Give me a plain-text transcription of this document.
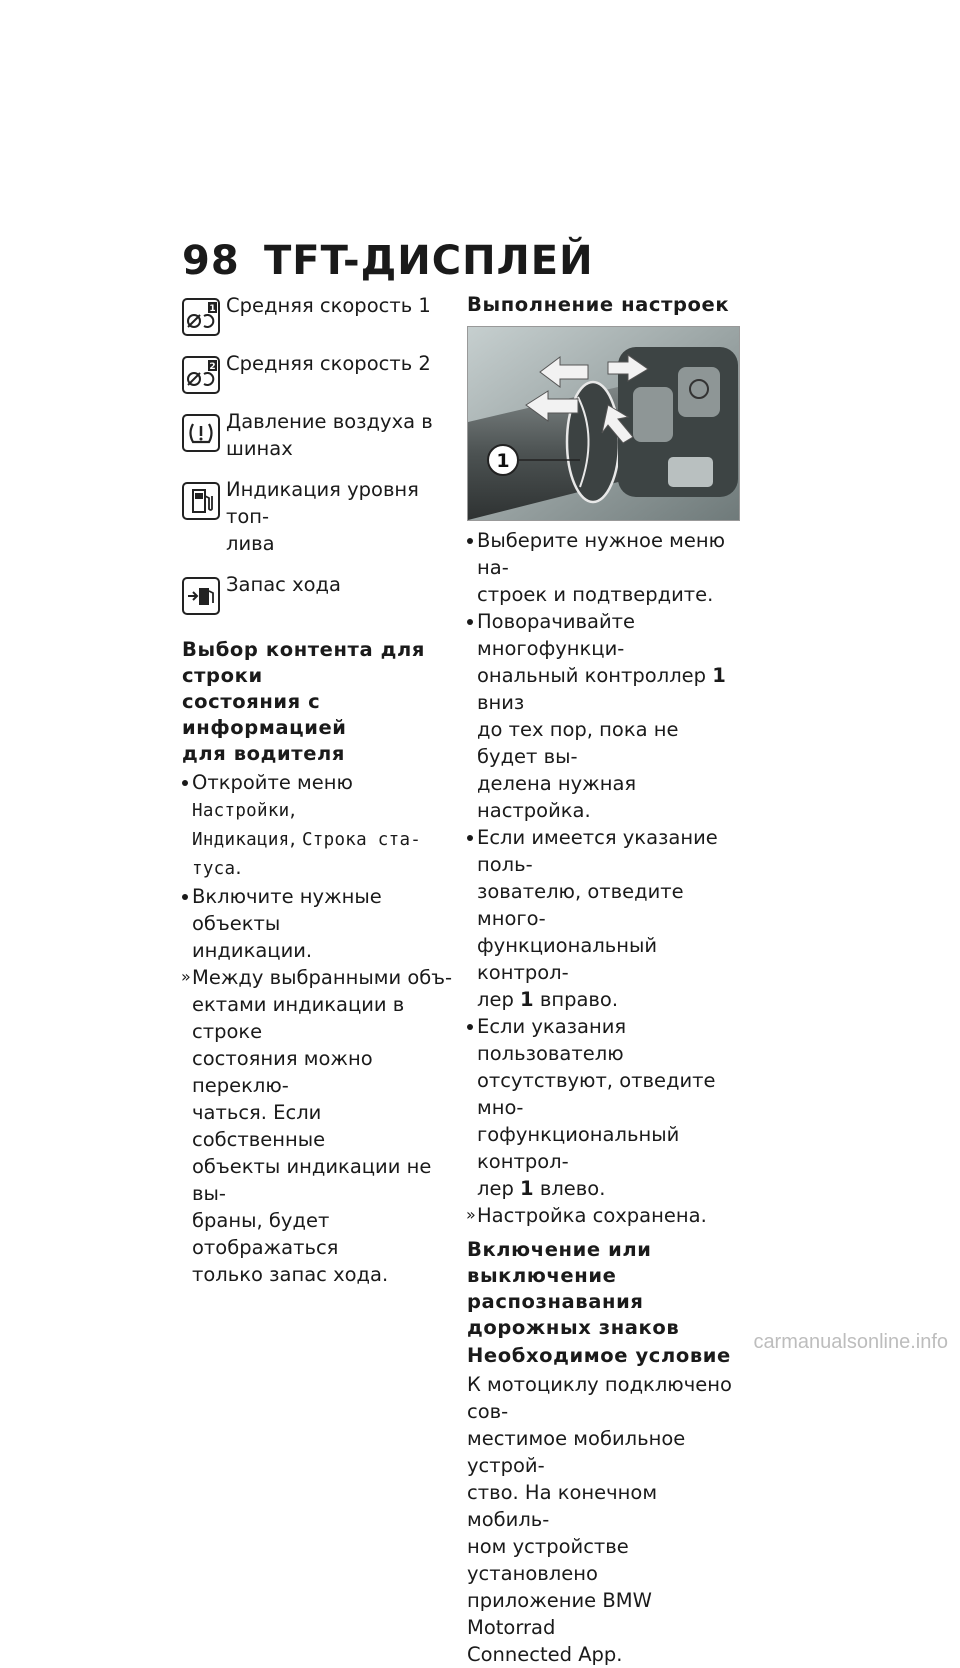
98 TFT-ДИСПЛЕЙ
1 Средняя скорость 1
2 Средняя скорость 2
Давление воздуха в шинах
Индикация уровня топ-
лива
Запас хода
Выбор контента для строки
состояния с информацией
для водителя
Откройте меню Настройки,
Индикация, Строка ста-
туса.
Включите нужные объекты
индикации.
» Между выбранными объ-
ектами индикации в строке
состояния можно переклю-
чаться. Если собственные
объекты индикации не вы-
браны, будет отображаться
только запас хода.
Выполнение настроек
1
Выберите нужное меню на-
строек и подтвердите.
Поворачивайте многофункци-
ональный контроллер 1 вниз
до тех пор, пока не будет вы-
делена нужная настройка.
Если имеется указание поль-
зователю, отведите много-
функциональный контрол-
лер 1 вправо.
Если указания пользователю
отсутствуют, отведите мно-
гофункциональный контрол-
лер 1 влево.
» Настройка сохранена.
Включение или
выключение распознавания
дорожных знаков
Необходимое условие
К мотоциклу подключено сов-
местимое мобильное устрой-
ство. На конечном мобиль-
ном устройстве установлено
приложение BMW Motorrad
Connected App.
carmanualsonline.info
